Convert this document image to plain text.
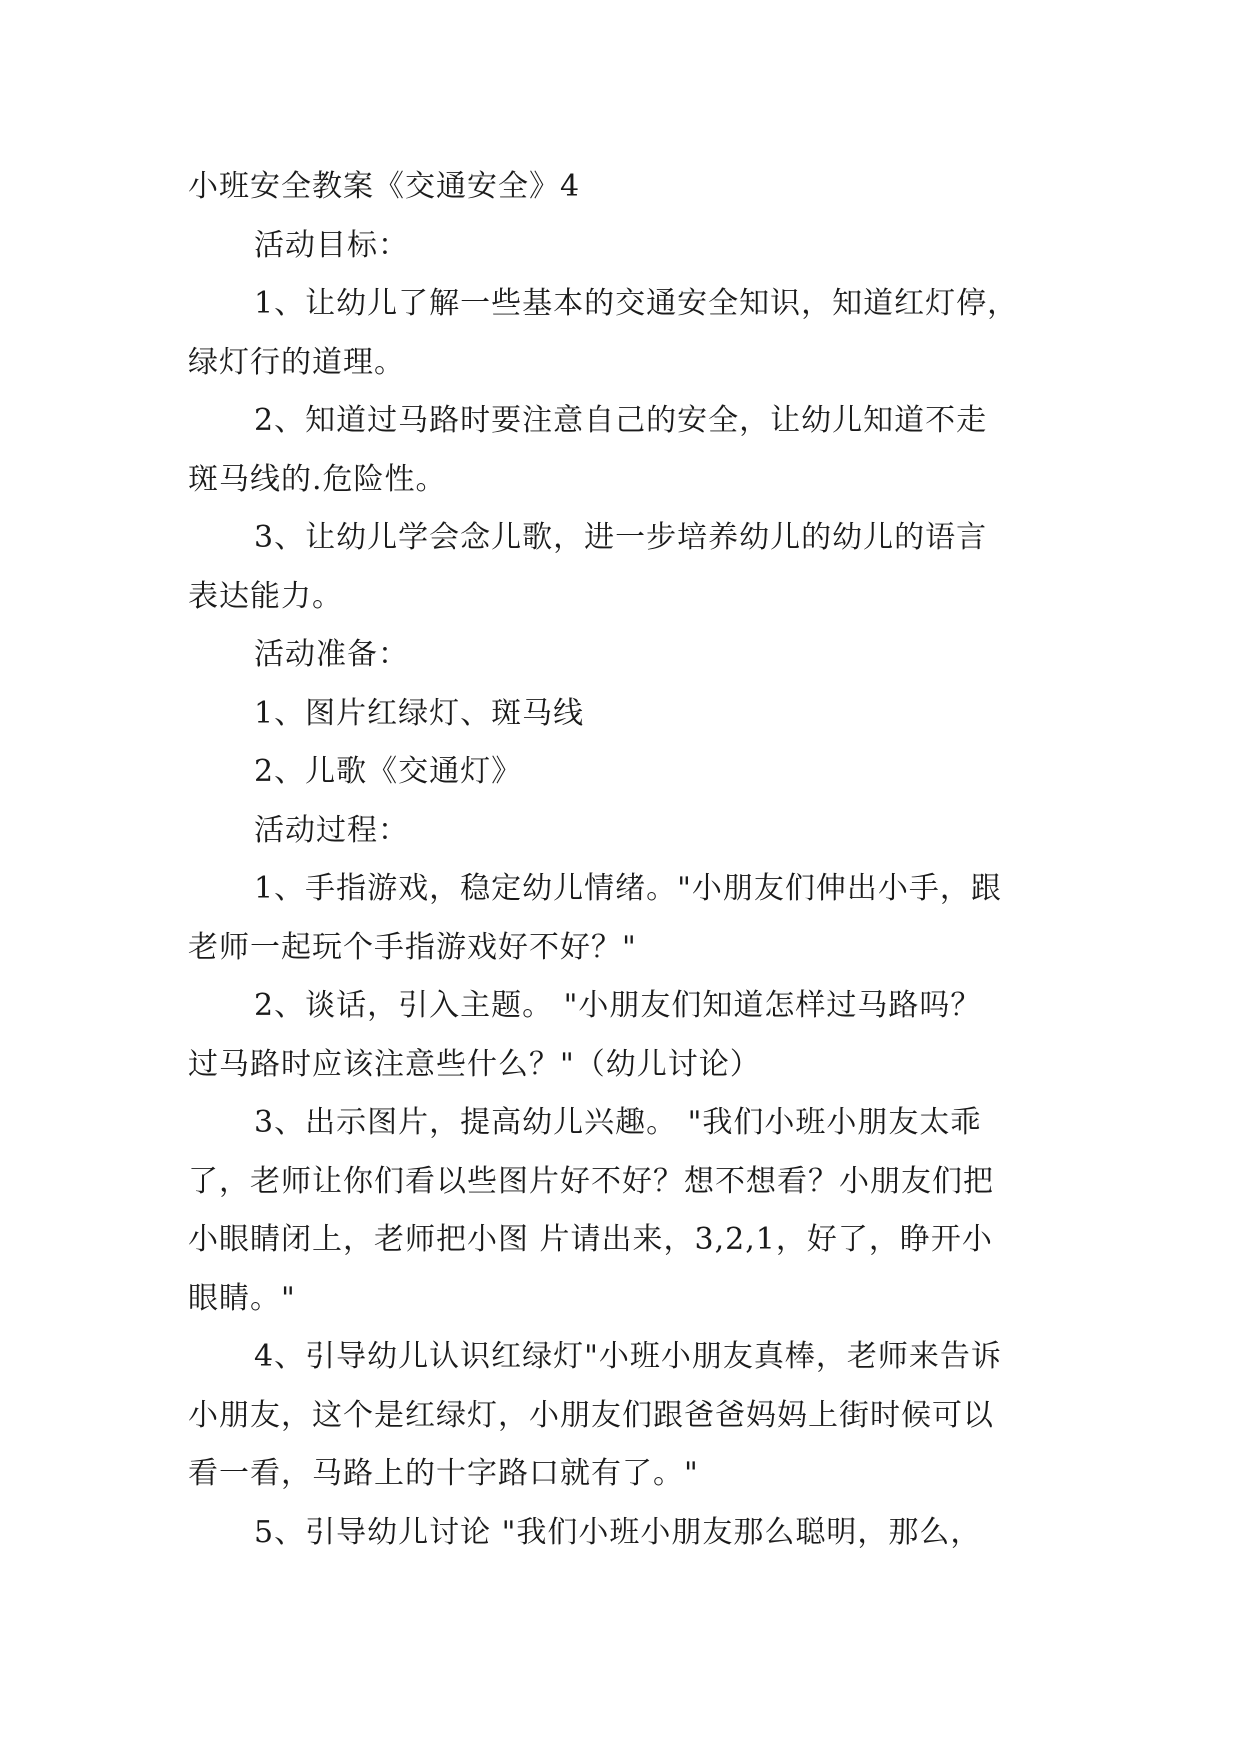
小班安全教案《交通安全》4

活动目标：

1、让幼儿了解一些基本的交通安全知识，知道红灯停，

绿灯行的道理。

2、知道过马路时要注意自己的安全，让幼儿知道不走

斑马线的.危险性。

3、让幼儿学会念儿歌，进一步培养幼儿的幼儿的语言

表达能力。

活动准备：

1、图片红绿灯、斑马线

2、儿歌《交通灯》

活动过程：

1、手指游戏，稳定幼儿情绪。"小朋友们伸出小手，跟

老师一起玩个手指游戏好不好？"

2、谈话，引入主题。 "小朋友们知道怎样过马路吗？

过马路时应该注意些什么？"（幼儿讨论）

3、出示图片，提高幼儿兴趣。 "我们小班小朋友太乖

了，老师让你们看以些图片好不好？想不想看？小朋友们把

小眼睛闭上，老师把小图 片请出来，3,2,1，好了，睁开小

眼睛。"

4、引导幼儿认识红绿灯"小班小朋友真棒，老师来告诉

小朋友，这个是红绿灯，小朋友们跟爸爸妈妈上街时候可以

看一看，马路上的十字路口就有了。"

5、引导幼儿讨论 "我们小班小朋友那么聪明，那么，
